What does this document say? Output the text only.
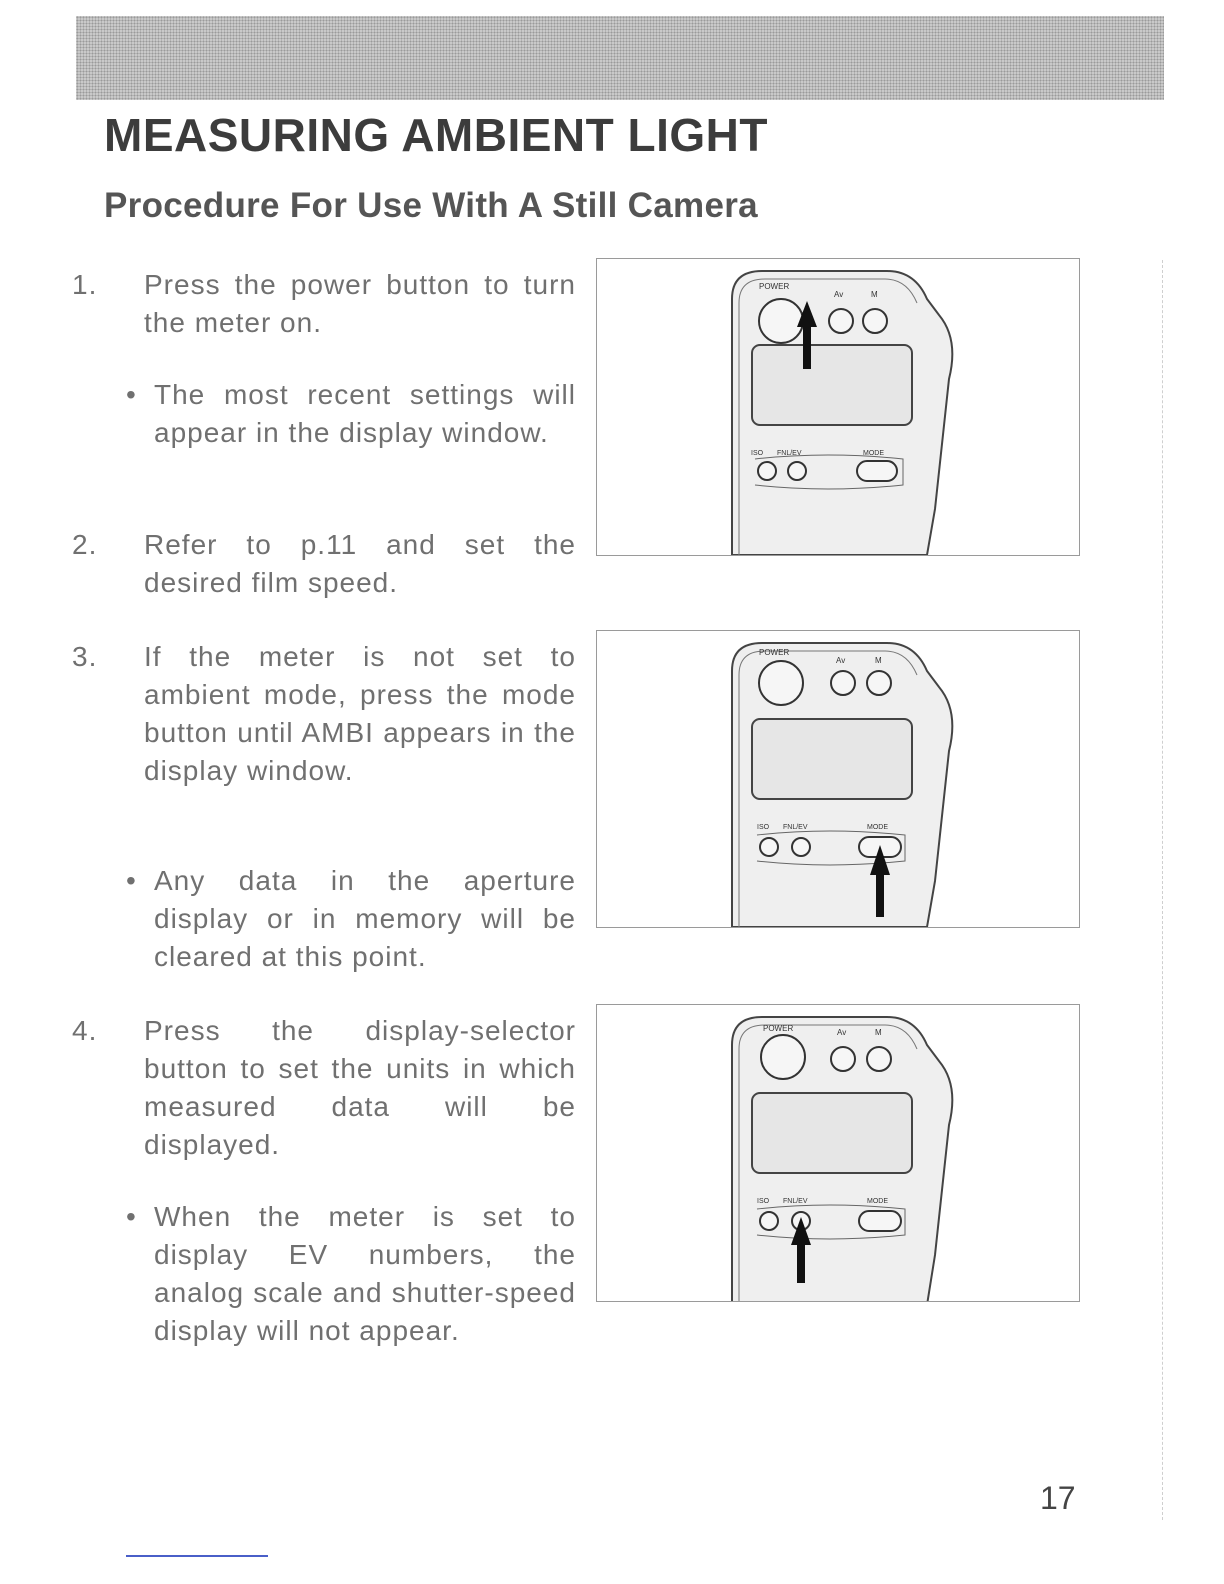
MEASURING AMBIENT LIGHT
Procedure For Use With A Still Camera
1. Press the power button to turn the meter on.
• The most recent settings will appear in the display window.
2. Refer to p.11 and set the desired film speed.
3. If the meter is not set to ambient mode, press the mode button until AMBI appears in the display window.
• Any data in the aperture display or in memory will be cleared at this point.
4. Press the display-selector button to set the units in which measured data will be displayed.
• When the meter is set to display EV numbers, the analog scale and shutter-speed display will not appear.
POWER
Av	M
ISO FNL/EV	MODE
POWER
Av	M
ISO FNL/EV	MODE
POWER	Av	M
ISO FNL/EV	MODE
17
